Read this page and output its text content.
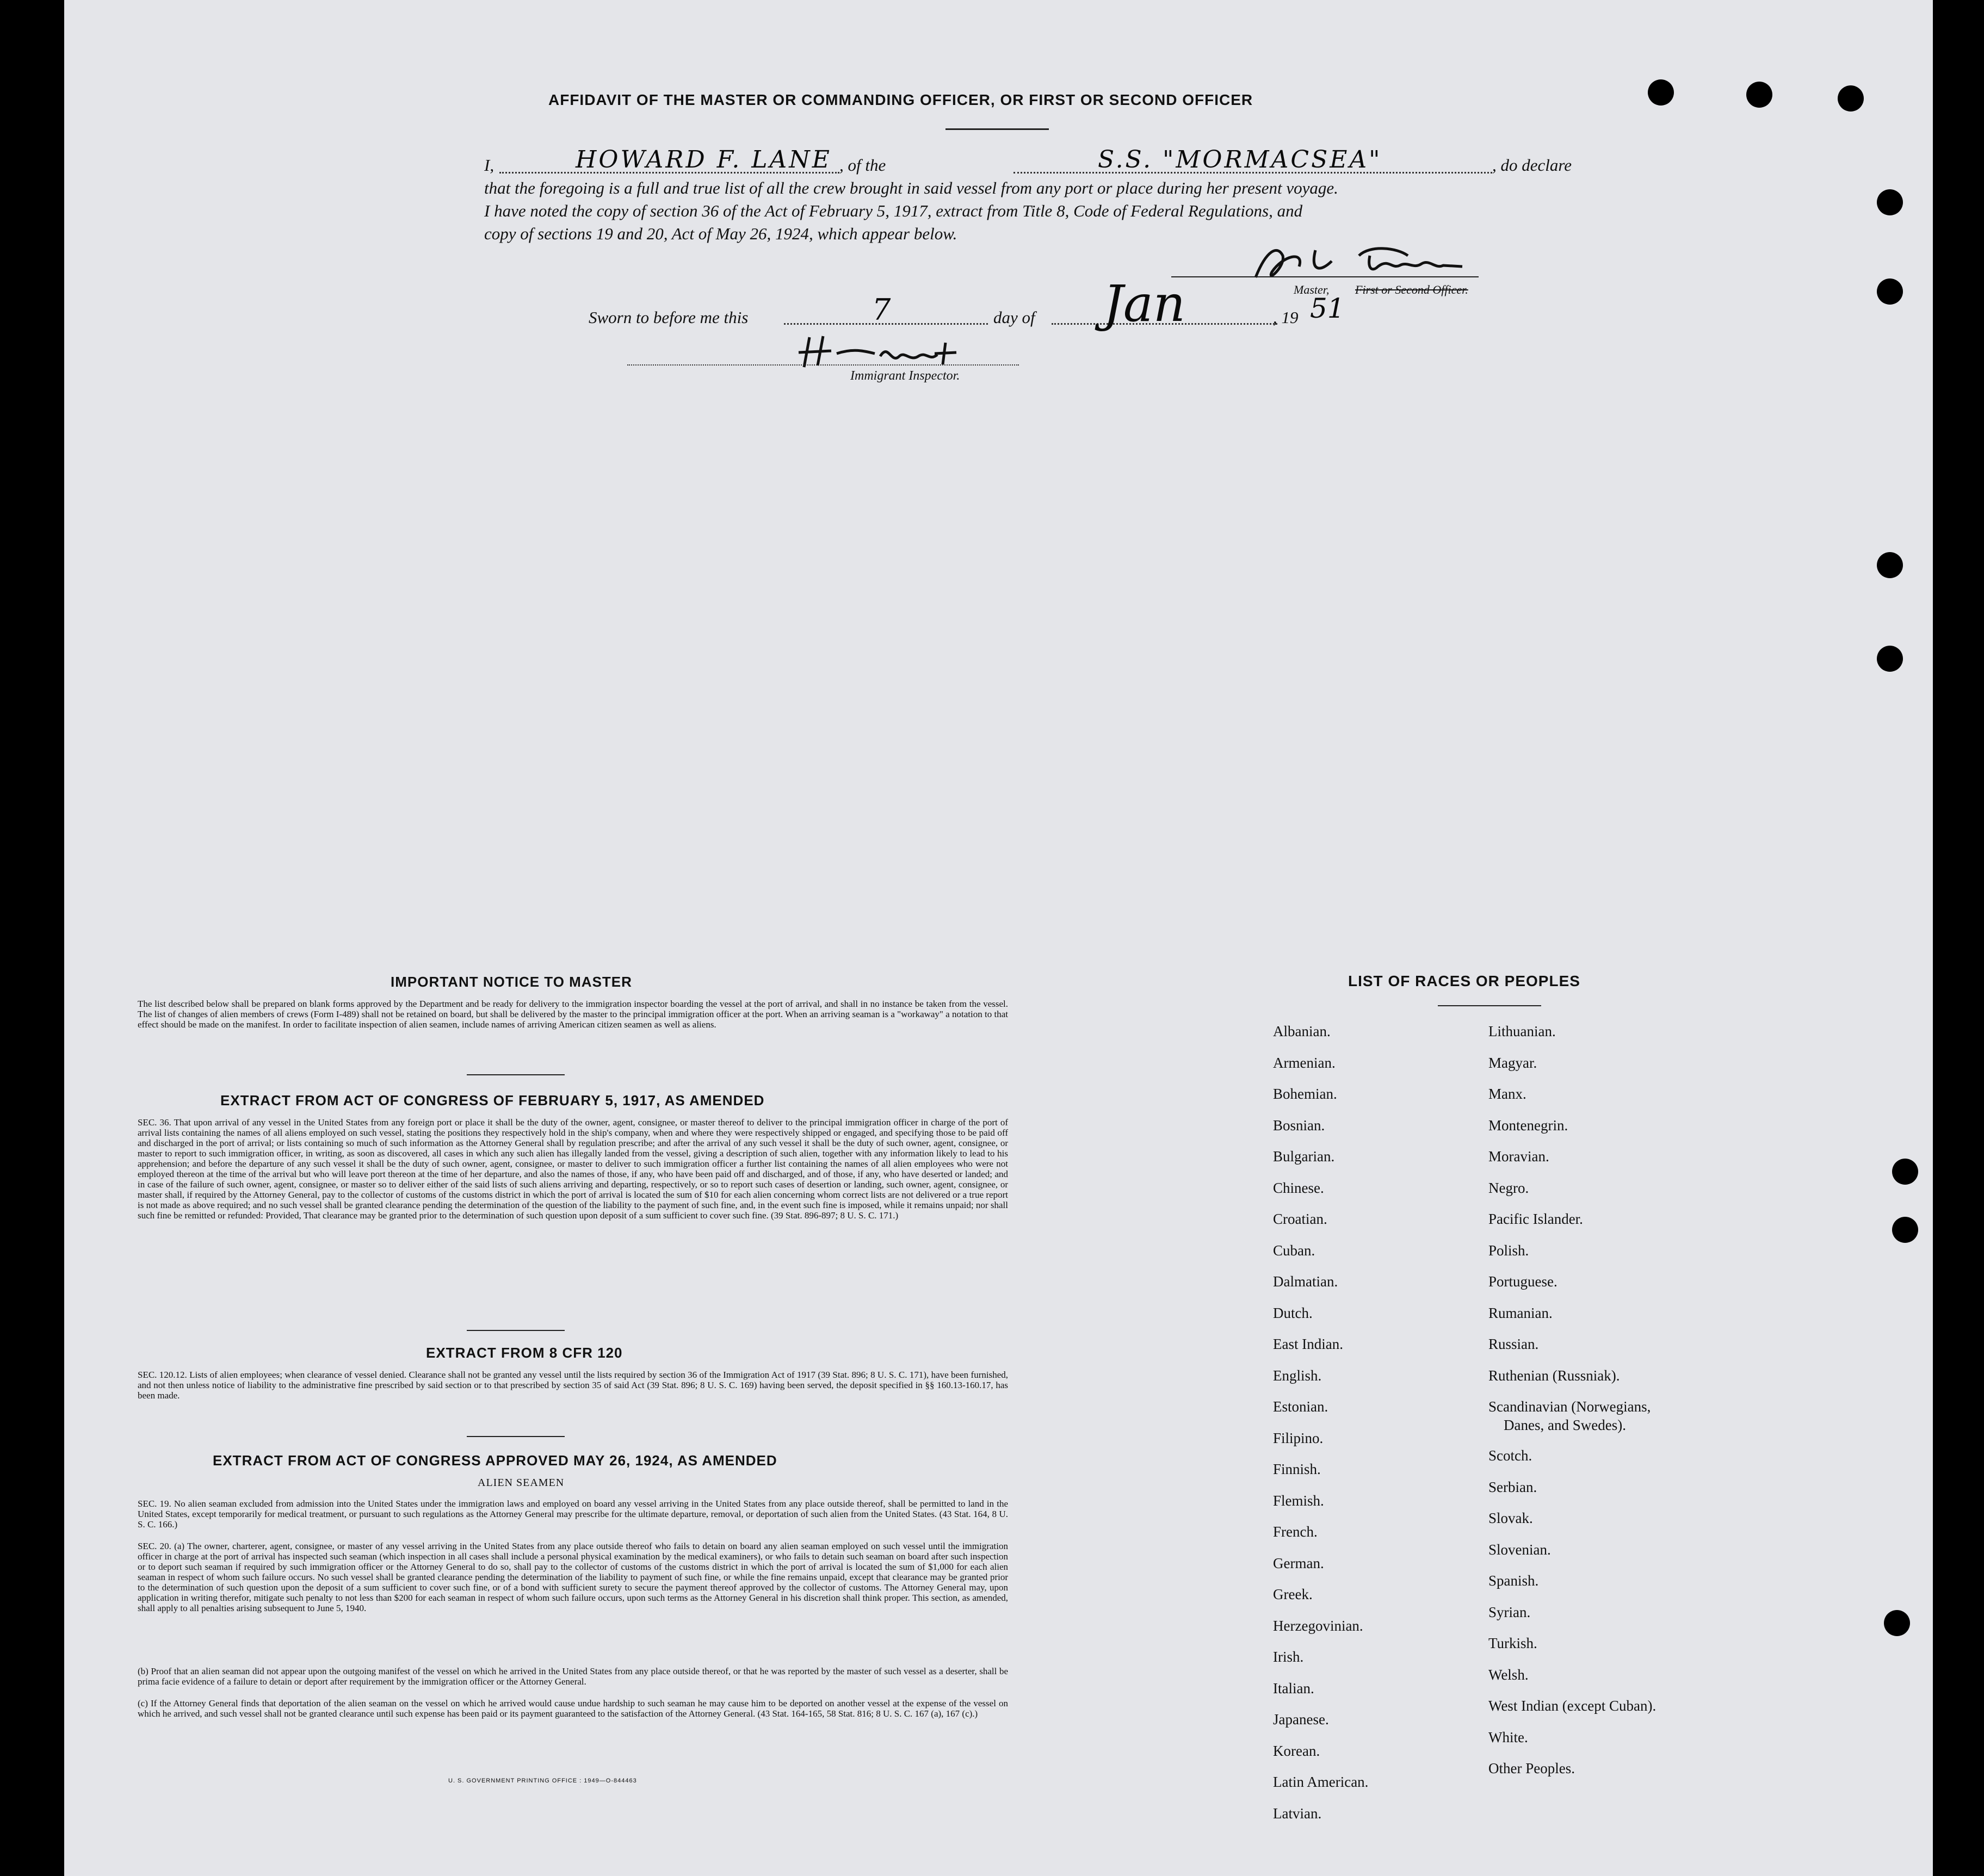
AFFIDAVIT OF THE MASTER OR COMMANDING OFFICER, OR FIRST OR SECOND OFFICER
I,	HOWARD F. LANE , of the	S.S. "MORMACSEA"	, do declare
that the foregoing is a full and true list of all the crew brought in said vessel from any port or place during her present voyage.
I have noted the copy of section 36 of the Act of February 5, 1917, extract from Title 8, Code of Federal Regulations, and
copy of sections 19 and 20, Act of May 26, 1924, which appear below.
Master, First or Second Officer.
Sworn to before me this	7	day of Jan	, 19 51
Immigrant Inspector.
IMPORTANT NOTICE TO MASTER
The list described below shall be prepared on blank forms approved by the Department and be ready for delivery to the immigration inspector boarding the vessel at the port of arrival, and shall in no instance be taken from the vessel. The list of changes of alien members of crews (Form I-489) shall not be retained on board, but shall be delivered by the master to the principal immigration officer at the port. When an arriving seaman is a "workaway" a notation to that effect should be made on the manifest. In order to facilitate inspection of alien seamen, include names of arriving American citizen seamen as well as aliens.
EXTRACT FROM ACT OF CONGRESS OF FEBRUARY 5, 1917, AS AMENDED
SEC. 36. That upon arrival of any vessel in the United States from any foreign port or place it shall be the duty of the owner, agent, consignee, or master thereof to deliver to the principal immigration officer in charge of the port of arrival lists containing the names of all aliens employed on such vessel, stating the positions they respectively hold in the ship's company, when and where they were respectively shipped or engaged, and specifying those to be paid off and discharged in the port of arrival; or lists containing so much of such information as the Attorney General shall by regulation prescribe; and after the arrival of any such vessel it shall be the duty of such owner, agent, consignee, or master to report to such immigration officer, in writing, as soon as discovered, all cases in which any such alien has illegally landed from the vessel, giving a description of such alien, together with any information likely to lead to his apprehension; and before the departure of any such vessel it shall be the duty of such owner, agent, consignee, or master to deliver to such immigration officer a further list containing the names of all alien employees who were not employed thereon at the time of the arrival but who will leave port thereon at the time of her departure, and also the names of those, if any, who have been paid off and discharged, and of those, if any, who have deserted or landed; and in case of the failure of such owner, agent, consignee, or master so to deliver either of the said lists of such aliens arriving and departing, respectively, or so to report such cases of desertion or landing, such owner, agent, consignee, or master shall, if required by the Attorney General, pay to the collector of customs of the customs district in which the port of arrival is located the sum of $10 for each alien concerning whom correct lists are not delivered or a true report is not made as above required; and no such vessel shall be granted clearance pending the determination of the question of the liability to the payment of such fine, and, in the event such fine is imposed, while it remains unpaid; nor shall such fine be remitted or refunded: Provided, That clearance may be granted prior to the determination of such question upon deposit of a sum sufficient to cover such fine. (39 Stat. 896-897; 8 U. S. C. 171.)
EXTRACT FROM 8 CFR 120
SEC. 120.12. Lists of alien employees; when clearance of vessel denied. Clearance shall not be granted any vessel until the lists required by section 36 of the Immigration Act of 1917 (39 Stat. 896; 8 U. S. C. 171), have been furnished, and not then unless notice of liability to the administrative fine prescribed by said section or to that prescribed by section 35 of said Act (39 Stat. 896; 8 U. S. C. 169) having been served, the deposit specified in §§ 160.13-160.17, has been made.
EXTRACT FROM ACT OF CONGRESS APPROVED MAY 26, 1924, AS AMENDED
ALIEN SEAMEN
SEC. 19. No alien seaman excluded from admission into the United States under the immigration laws and employed on board any vessel arriving in the United States from any place outside thereof, shall be permitted to land in the United States, except temporarily for medical treatment, or pursuant to such regulations as the Attorney General may prescribe for the ultimate departure, removal, or deportation of such alien from the United States. (43 Stat. 164, 8 U. S. C. 166.)
SEC. 20. (a) The owner, charterer, agent, consignee, or master of any vessel arriving in the United States from any place outside thereof who fails to detain on board any alien seaman employed on such vessel until the immigration officer in charge at the port of arrival has inspected such seaman (which inspection in all cases shall include a personal physical examination by the medical examiners), or who fails to detain such seaman on board after such inspection or to deport such seaman if required by such immigration officer or the Attorney General to do so, shall pay to the collector of customs of the customs district in which the port of arrival is located the sum of $1,000 for each alien seaman in respect of whom such failure occurs. No such vessel shall be granted clearance pending the determination of the liability to payment of such fine, or while the fine remains unpaid, except that clearance may be granted prior to the determination of such question upon the deposit of a sum sufficient to cover such fine, or of a bond with sufficient surety to secure the payment thereof approved by the collector of customs. The Attorney General may, upon application in writing therefor, mitigate such penalty to not less than $200 for each seaman in respect of whom such failure occurs, upon such terms as the Attorney General in his discretion shall think proper. This section, as amended, shall apply to all penalties arising subsequent to June 5, 1940.
(b) Proof that an alien seaman did not appear upon the outgoing manifest of the vessel on which he arrived in the United States from any place outside thereof, or that he was reported by the master of such vessel as a deserter, shall be prima facie evidence of a failure to detain or deport after requirement by the immigration officer or the Attorney General.
(c) If the Attorney General finds that deportation of the alien seaman on the vessel on which he arrived would cause undue hardship to such seaman he may cause him to be deported on another vessel at the expense of the vessel on which he arrived, and such vessel shall not be granted clearance until such expense has been paid or its payment guaranteed to the satisfaction of the Attorney General. (43 Stat. 164-165, 58 Stat. 816; 8 U. S. C. 167 (a), 167 (c).)
U. S. GOVERNMENT PRINTING OFFICE : 1949—O-844463
LIST OF RACES OR PEOPLES
Albanian.
Armenian.
Bohemian.
Bosnian.
Bulgarian.
Chinese.
Croatian.
Cuban.
Dalmatian.
Dutch.
East Indian.
English.
Estonian.
Filipino.
Finnish.
Flemish.
French.
German.
Greek.
Herzegovinian.
Irish.
Italian.
Japanese.
Korean.
Latin American.
Latvian.
Lithuanian.
Magyar.
Manx.
Montenegrin.
Moravian.
Negro.
Pacific Islander.
Polish.
Portuguese.
Rumanian.
Russian.
Ruthenian (Russniak).
Scandinavian (Norwegians,
Danes, and Swedes).
Scotch.
Serbian.
Slovak.
Slovenian.
Spanish.
Syrian.
Turkish.
Welsh.
West Indian (except Cuban).
White.
Other Peoples.
